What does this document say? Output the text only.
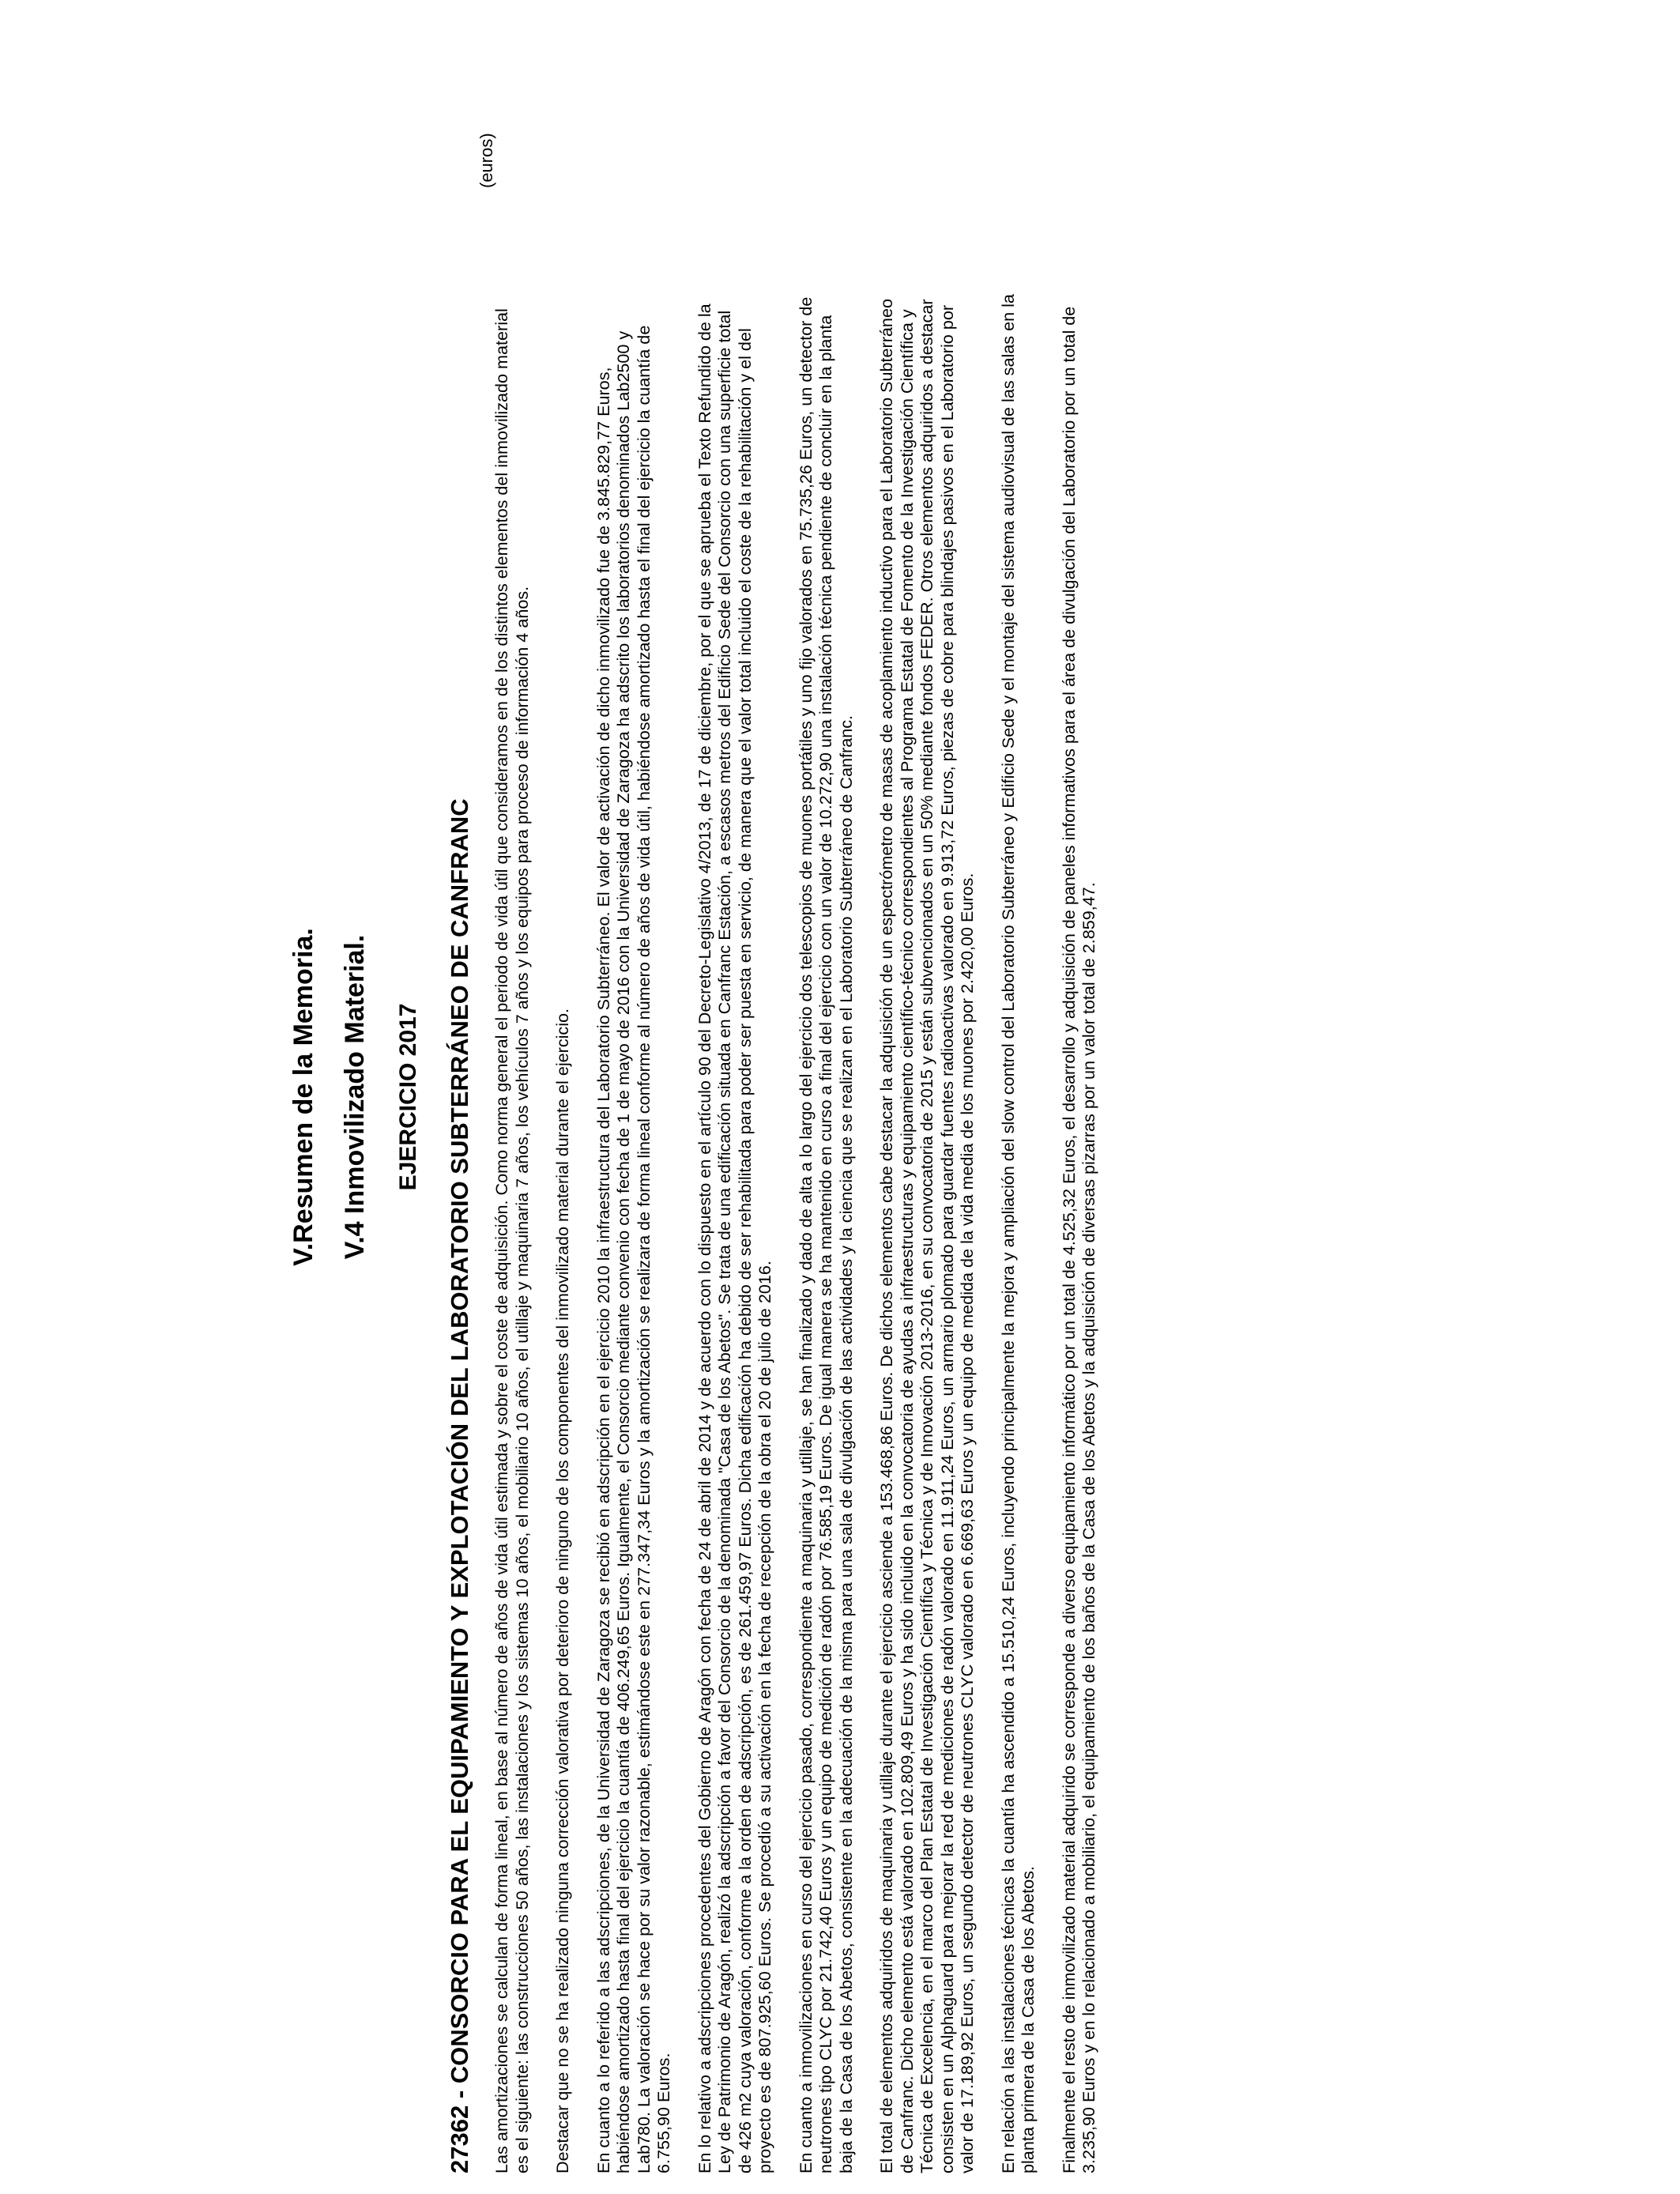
V.Resumen de la Memoria. V.4 Inmovilizado Material. EJERCICIO 2017 27362 - CONSORCIO PARA EL EQUIPAMIENTO Y EXPLOTACIÓN DEL LABORATORIO SUBTERRÁNEO DE CANFRANC
(euros)

Las amortizaciones se calculan de forma lineal, en base al número de años de vida útil estimada y sobre el coste de adquisición. Como norma general el periodo de vida útil que consideramos en de los distintos elementos del inmovilizado material
es el siguiente: las construcciones 50 años, las instalaciones y los sistemas 10 años, el mobiliario 10 años, el utillaje y maquinaria 7 años, los vehículos 7 años y los equipos para proceso de información 4 años.

Destacar que no se ha realizado ninguna corrección valorativa por deterioro de ninguno de los componentes del inmovilizado material durante el ejercicio. En cuanto a lo referido a las adscripciones, de la Universidad de Zaragoza se recibió en adscripción en el ejercicio 2010 la infraestructura del Laboratorio Subterráneo. El valor de activación de dicho inmovilizado fue de 3.845.829,77 Euros,
habiéndose amortizado hasta final del ejercicio la cuantía de 406.249,65 Euros. Igualmente, el Consorcio mediante convenio con fecha de 1 de mayo de 2016 con la Universidad de Zaragoza ha adscrito los laboratorios denominados Lab2500 y
Lab780. La valoración se hace por su valor razonable, estimándose este en 277.347,34 Euros y la amortización se realizara de forma lineal conforme al número de años de vida útil, habiéndose amortizado hasta el final del ejercicio la cuantía de
6.755,90 Euros.

En lo relativo a adscripciones procedentes del Gobierno de Aragón con fecha de 24 de abril de 2014 y de acuerdo con lo dispuesto en el artículo 90 del Decreto-Legislativo 4/2013, de 17 de diciembre, por el que se aprueba el Texto Refundido de la
Ley de Patrimonio de Aragón, realizó la adscripción a favor del Consorcio de la denominada "Casa de los Abetos". Se trata de una edificación situada en Canfranc Estación, a escasos metros del Edificio Sede del Consorcio con una superficie total
de 426 m2 cuya valoración, conforme a la orden de adscripción, es de 261.459,97 Euros. Dicha edificación ha debido de ser rehabilitada para poder ser puesta en servicio, de manera que el valor total incluido el coste de la rehabilitación y el del
proyecto es de 807.925,60 Euros. Se procedió a su activación en la fecha de recepción de la obra el 20 de julio de 2016.

En cuanto a inmovilizaciones en curso del ejercicio pasado, correspondiente a maquinaria y utillaje, se han finalizado y dado de alta a lo largo del ejercicio dos telescopios de muones portátiles y uno fijo valorados en 75.735,26 Euros, un detector de
neutrones tipo CLYC por 21.742,40 Euros y un equipo de medición de radón por 76.585,19 Euros. De igual manera se ha mantenido en curso a final del ejercicio con un valor de 10.272,90 una instalación técnica pendiente de concluir en la planta
baja de la Casa de los Abetos, consistente en la adecuación de la misma para una sala de divulgación de las actividades y la ciencia que se realizan en el Laboratorio Subterráneo de Canfranc.

El total de elementos adquiridos de maquinaria y utillaje durante el ejercicio asciende a 153.468,86 Euros. De dichos elementos cabe destacar la adquisición de un espectrómetro de masas de acoplamiento inductivo para el Laboratorio Subterráneo
de Canfranc. Dicho elemento está valorado en 102.809,49 Euros y ha sido incluido en la convocatoria de ayudas a infraestructuras y equipamiento científico-técnico correspondientes al Programa Estatal de Fomento de la Investigación Científica y
Técnica de Excelencia, en el marco del Plan Estatal de Investigación Científica y Técnica y de Innovación 2013-2016, en su convocatoria de 2015 y están subvencionados en un 50% mediante fondos FEDER. Otros elementos adquiridos a destacar
consisten en un Alphaguard para mejorar la red de mediciones de radón valorado en 11.911,24 Euros, un armario plomado para guardar fuentes radioactivas valorado en 9.913,72 Euros, piezas de cobre para blindajes pasivos en el Laboratorio por
valor de 17.189,92 Euros, un segundo detector de neutrones CLYC valorado en 6.669,63 Euros y un equipo de medida de la vida media de los muones por 2.420,00 Euros.

En relación a las instalaciones técnicas la cuantía ha ascendido a 15.510,24 Euros, incluyendo principalmente la mejora y ampliación del slow control del Laboratorio Subterráneo y Edificio Sede y el montaje del sistema audiovisual de las salas en la
planta primera de la Casa de los Abetos.

Finalmente el resto de inmovilizado material adquirido se corresponde a diverso equipamiento informático por un total de 4.525,32 Euros, el desarrollo y adquisición de paneles informativos para el área de divulgación del Laboratorio por un total de
3.235,90 Euros y en lo relacionado a mobiliario, el equipamiento de los baños de la Casa de los Abetos y la adquisición de diversas pizarras por un valor total de 2.859,47.
